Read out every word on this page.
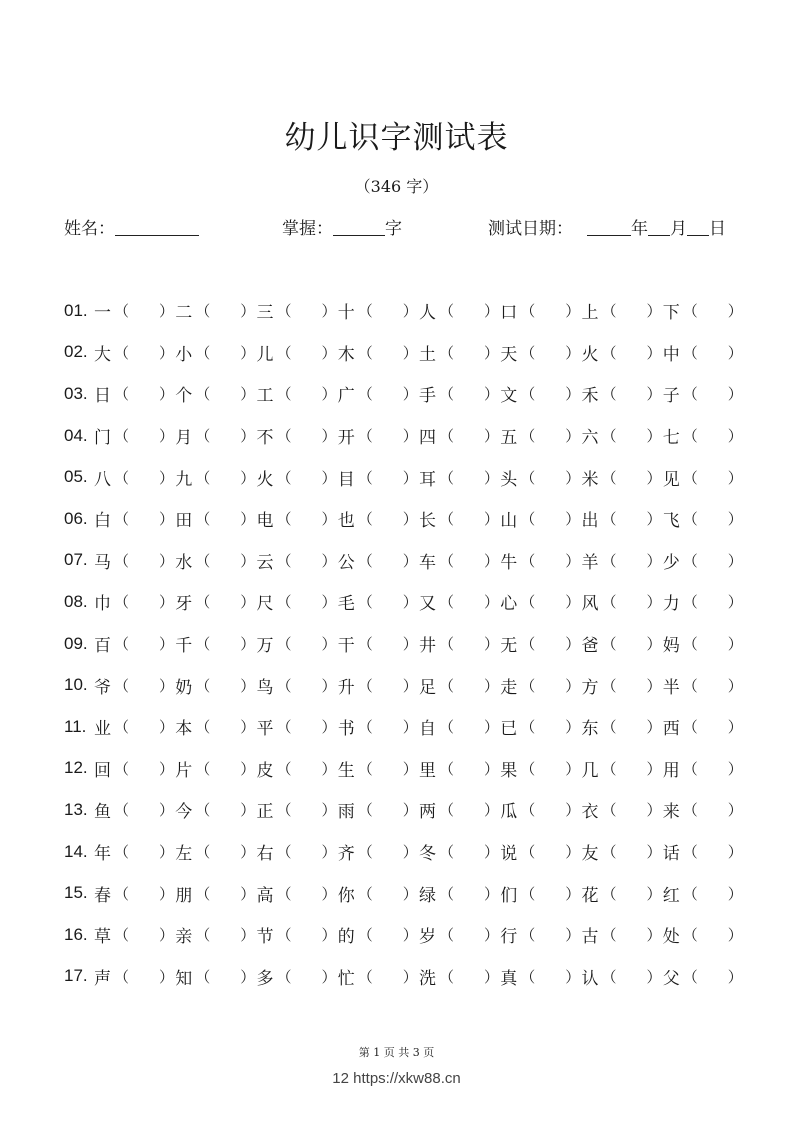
幼儿识字测试表
（346 字）
姓名：	掌握：	字	测试日期：	年 月 日
01. 一 （ ） 二 （ ） 三 （ ） 十 （ ） 人 （ ） 口 （ ） 上 （ ） 下 （ ）
02. 大 （ ） 小 （ ） 儿 （ ） 木 （ ） 土 （ ） 天 （ ） 火 （ ） 中 （ ）
03. 日 （ ） 个 （ ） 工 （ ） 广 （ ） 手 （ ） 文 （ ） 禾 （ ） 子 （ ）
04. 门 （ ） 月 （ ） 不 （ ） 开 （ ） 四 （ ） 五 （ ） 六 （ ） 七 （ ）
05. 八 （ ） 九 （ ） 火 （ ） 目 （ ） 耳 （ ） 头 （ ） 米 （ ） 见 （ ）
06. 白 （ ） 田 （ ） 电 （ ） 也 （ ） 长 （ ） 山 （ ） 出 （ ） 飞 （ ）
07. 马 （ ） 水 （ ） 云 （ ） 公 （ ） 车 （ ） 牛 （ ） 羊 （ ） 少 （ ）
08. 巾 （ ） 牙 （ ） 尺 （ ） 毛 （ ） 又 （ ） 心 （ ） 风 （ ） 力 （ ）
09. 百 （ ） 千 （ ） 万 （ ） 干 （ ） 井 （ ） 无 （ ） 爸 （ ） 妈 （ ）
10. 爷 （ ） 奶 （ ） 鸟 （ ） 升 （ ） 足 （ ） 走 （ ） 方 （ ） 半 （ ）
11. 业 （ ） 本 （ ） 平 （ ） 书 （ ） 自 （ ） 已 （ ） 东 （ ） 西 （ ）
12. 回 （ ） 片 （ ） 皮 （ ） 生 （ ） 里 （ ） 果 （ ） 几 （ ） 用 （ ）
13. 鱼 （ ） 今 （ ） 正 （ ） 雨 （ ） 两 （ ） 瓜 （ ） 衣 （ ） 来 （ ）
14. 年 （ ） 左 （ ） 右 （ ） 齐 （ ） 冬 （ ） 说 （ ） 友 （ ） 话 （ ）
15. 春 （ ） 朋 （ ） 高 （ ） 你 （ ） 绿 （ ） 们 （ ） 花 （ ） 红 （ ）
16. 草 （ ） 亲 （ ） 节 （ ） 的 （ ） 岁 （ ） 行 （ ） 古 （ ） 处 （ ）
17. 声 （ ） 知 （ ） 多 （ ） 忙 （ ） 洗 （ ） 真 （ ） 认 （ ） 父 （ ）
第 1 页 共 3 页
12 https://xkw88.cn
